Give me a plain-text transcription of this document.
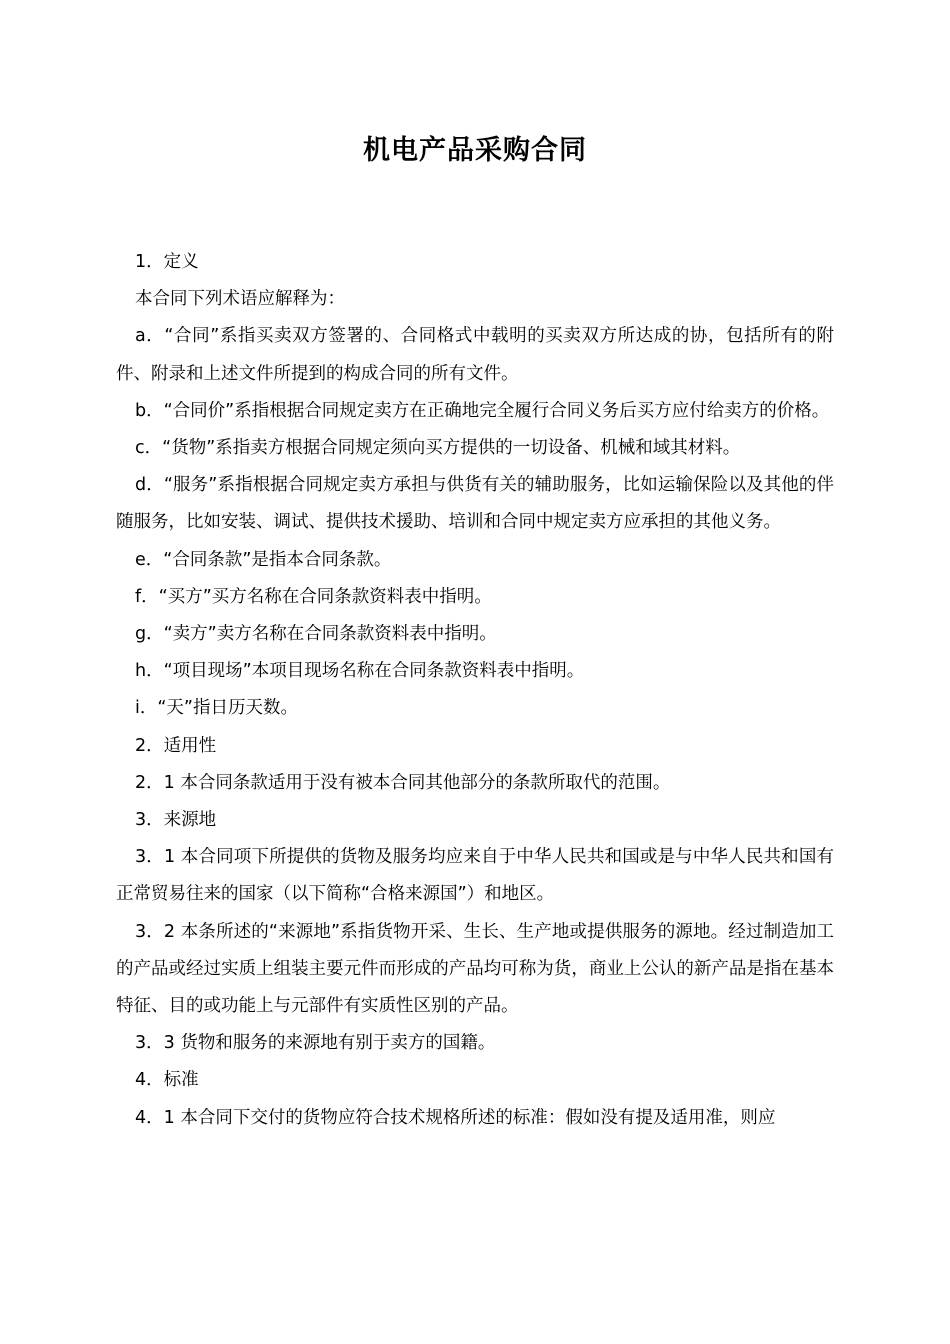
机电产品采购合同

1．定义

本合同下列术语应解释为：

a．“合同”系指买卖双方签署的、合同格式中载明的买卖双方所达成的协，包括所有的附件、附录和上述文件所提到的构成合同的所有文件。

b．“合同价”系指根据合同规定卖方在正确地完全履行合同义务后买方应付给卖方的价格。

c．“货物”系指卖方根据合同规定须向买方提供的一切设备、机械和域其材料。

d．“服务”系指根据合同规定卖方承担与供货有关的辅助服务，比如运输保险以及其他的伴随服务，比如安装、调试、提供技术援助、培训和合同中规定卖方应承担的其他义务。

e．“合同条款”是指本合同条款。

f．“买方”买方名称在合同条款资料表中指明。

g．“卖方”卖方名称在合同条款资料表中指明。

h．“项目现场”本项目现场名称在合同条款资料表中指明。

i．“天”指日历天数。

2．适用性

2．1 本合同条款适用于没有被本合同其他部分的条款所取代的范围。

3．来源地

3．1 本合同项下所提供的货物及服务均应来自于中华人民共和国或是与中华人民共和国有正常贸易往来的国家（以下简称“合格来源国”）和地区。

3．2 本条所述的“来源地”系指货物开采、生长、生产地或提供服务的源地。经过制造加工的产品或经过实质上组装主要元件而形成的产品均可称为货，商业上公认的新产品是指在基本特征、目的或功能上与元部件有实质性区别的产品。

3．3 货物和服务的来源地有别于卖方的国籍。

4．标准

4．1 本合同下交付的货物应符合技术规格所述的标准：假如没有提及适用准，则应
